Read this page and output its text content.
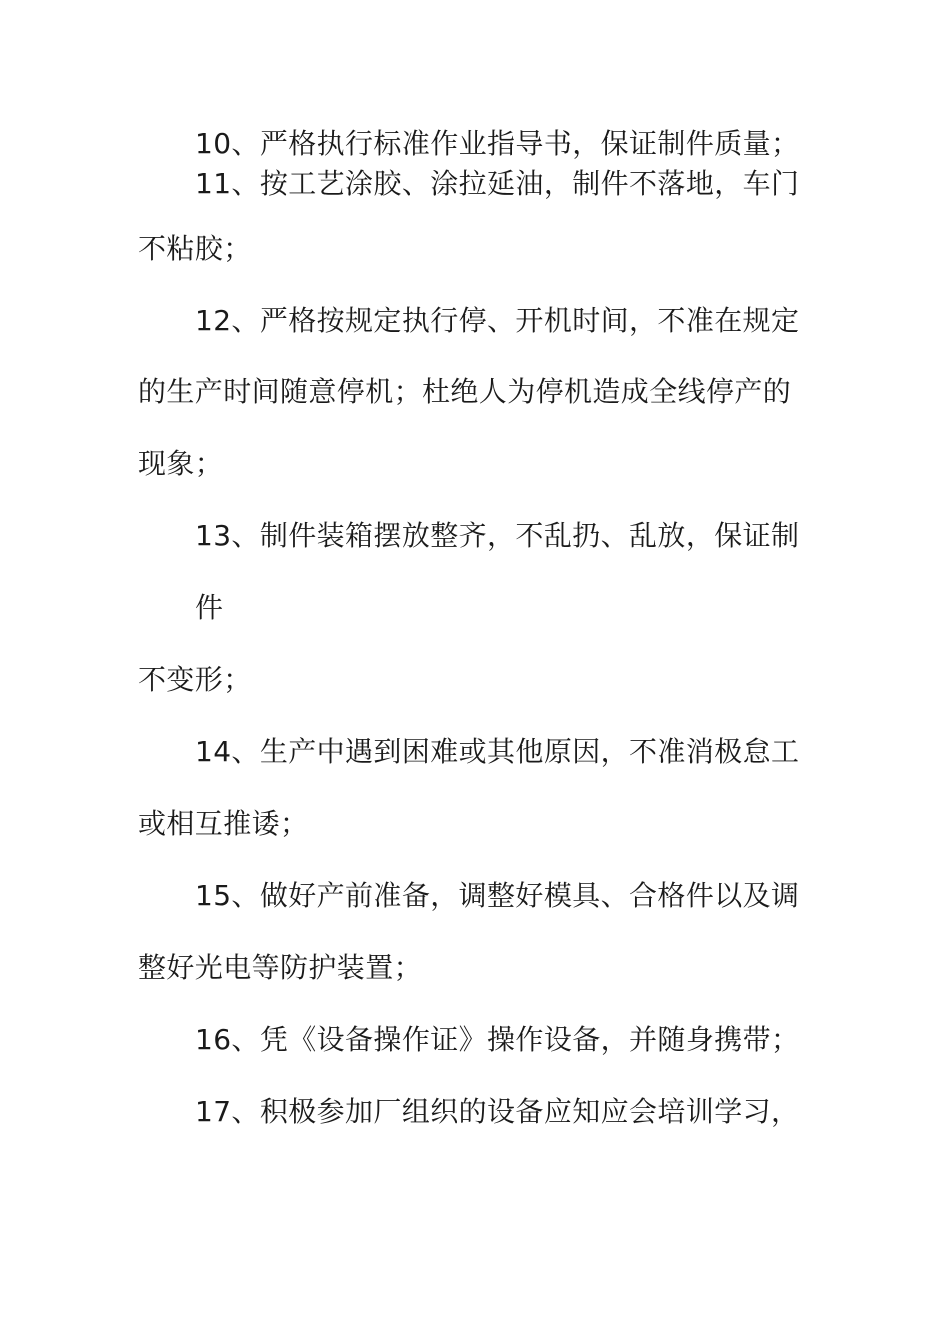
10、严格执行标准作业指导书，保证制件质量；
11、按工艺涂胶、涂拉延油，制件不落地，车门
不粘胶；
12、严格按规定执行停、开机时间，不准在规定
的生产时间随意停机；杜绝人为停机造成全线停产的
现象；
13、制件装箱摆放整齐，不乱扔、乱放，保证制
件
不变形；
14、生产中遇到困难或其他原因，不准消极怠工
或相互推诿；
15、做好产前准备，调整好模具、合格件以及调
整好光电等防护装置；
16、凭《设备操作证》操作设备，并随身携带；
17、积极参加厂组织的设备应知应会培训学习，
